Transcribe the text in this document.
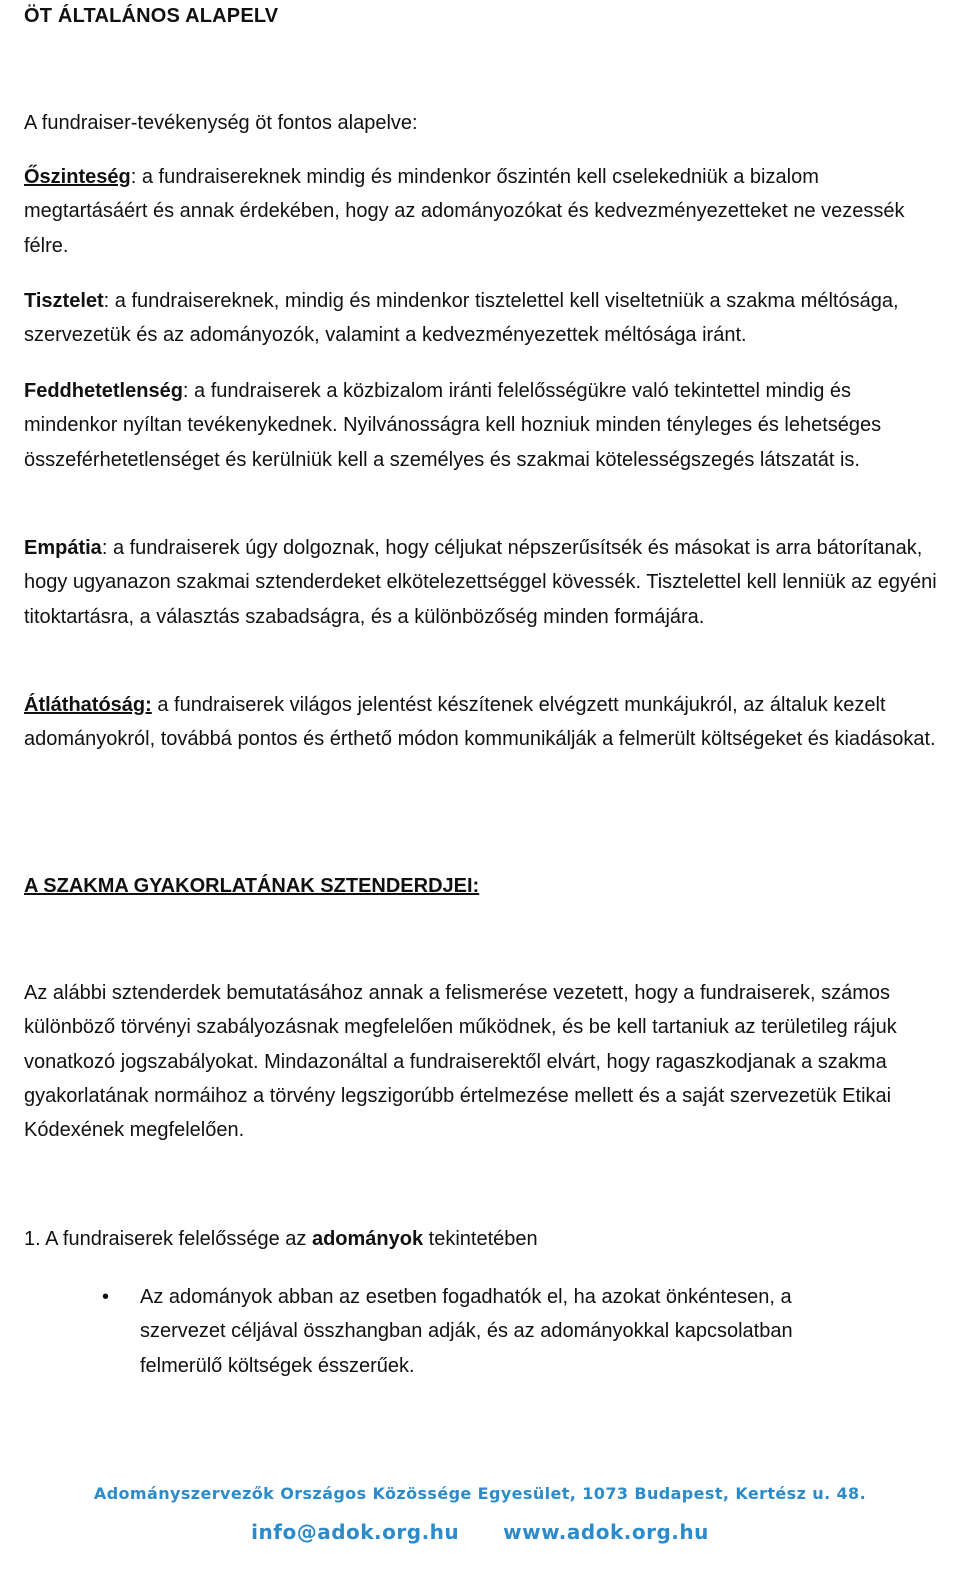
ÖT ÁLTALÁNOS ALAPELV
A fundraiser-tevékenység öt fontos alapelve:
Őszinteség: a fundraisereknek mindig és mindenkor őszintén kell cselekedniük a bizalom megtartásáért és annak érdekében, hogy az adományozókat és kedvezményezetteket ne vezessék félre.
Tisztelet: a fundraisereknek, mindig és mindenkor tisztelettel kell viseltetniük a szakma méltósága, szervezetük és az adományozók, valamint a kedvezményezettek méltósága iránt.
Feddhetetlenség: a fundraiserek a közbizalom iránti felelősségükre való tekintettel mindig és mindenkor nyíltan tevékenykednek. Nyilvánosságra kell hozniuk minden tényleges és lehetséges összeférhetetlenséget és kerülniük kell a személyes és szakmai kötelességszegés látszatát is.
Empátia: a fundraiserek úgy dolgoznak, hogy céljukat népszerűsítsék és másokat is arra bátorítanak, hogy ugyanazon szakmai sztenderdeket elkötelezettséggel kövessék. Tisztelettel kell lenniük az egyéni titoktartásra, a választás szabadságra, és a különbözőség minden formájára.
Átláthatóság: a fundraiserek világos jelentést készítenek elvégzett munkájukról, az általuk kezelt adományokról, továbbá pontos és érthető módon kommunikálják a felmerült költségeket és kiadásokat.
A SZAKMA GYAKORLATÁNAK SZTENDERDJEI:
Az alábbi sztenderdek bemutatásához annak a felismerése vezetett, hogy a fundraiserek, számos különböző törvényi szabályozásnak megfelelően működnek, és be kell tartaniuk az területileg rájuk vonatkozó jogszabályokat. Mindazonáltal a fundraiserektől elvárt, hogy ragaszkodjanak a szakma gyakorlatának normáihoz a törvény legszigorúbb értelmezése mellett és a saját szervezetük Etikai Kódexének megfelelően.
1. A fundraiserek felelőssége az adományok tekintetében
• Az adományok abban az esetben fogadhatók el, ha azokat önkéntesen, a szervezet céljával összhangban adják, és az adományokkal kapcsolatban felmerülő költségek ésszerűek.
Adományszervezők Országos Közössége Egyesület, 1073 Budapest, Kertész u. 48.
info@adok.org.hu www.adok.org.hu
